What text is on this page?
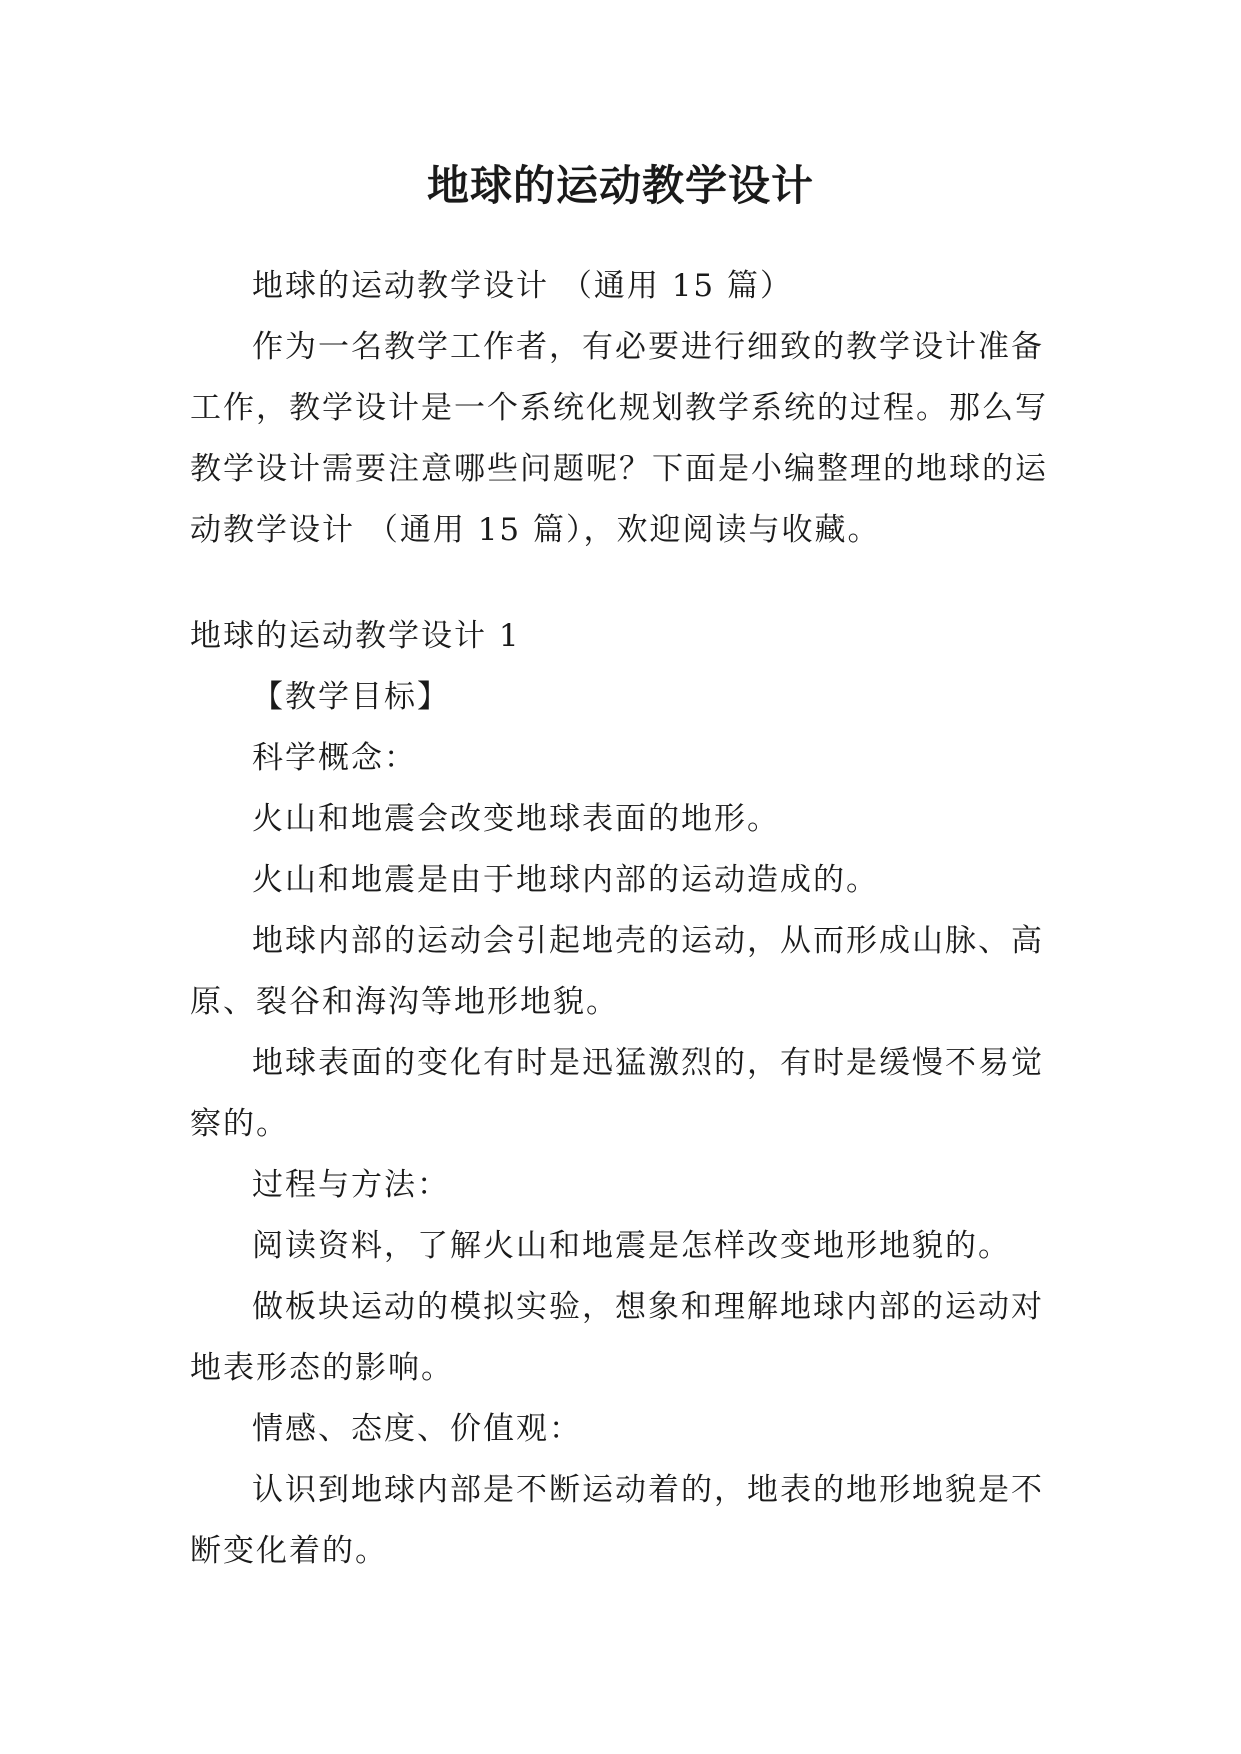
地球的运动教学设计

地球的运动教学设计 （通用 15 篇）

作为一名教学工作者，有必要进行细致的教学设计准备工作，教学设计是一个系统化规划教学系统的过程。那么写教学设计需要注意哪些问题呢？下面是小编整理的地球的运动教学设计 （通用 15 篇），欢迎阅读与收藏。

地球的运动教学设计 1

【教学目标】

科学概念：

火山和地震会改变地球表面的地形。

火山和地震是由于地球内部的运动造成的。

地球内部的运动会引起地壳的运动，从而形成山脉、高原、裂谷和海沟等地形地貌。

地球表面的变化有时是迅猛激烈的，有时是缓慢不易觉察的。

过程与方法：

阅读资料，了解火山和地震是怎样改变地形地貌的。

做板块运动的模拟实验，想象和理解地球内部的运动对地表形态的影响。

情感、态度、价值观：

认识到地球内部是不断运动着的，地表的地形地貌是不断变化着的。
